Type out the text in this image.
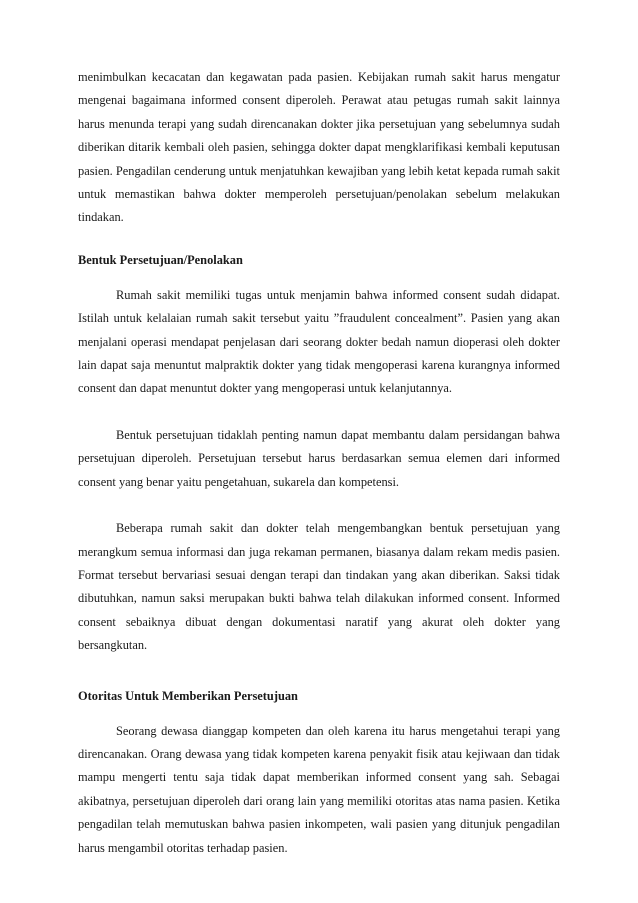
menimbulkan kecacatan dan kegawatan pada pasien. Kebijakan rumah sakit harus mengatur mengenai bagaimana informed consent diperoleh. Perawat atau petugas rumah sakit lainnya harus menunda terapi yang sudah direncanakan dokter jika persetujuan yang sebelumnya sudah diberikan ditarik kembali oleh pasien, sehingga dokter dapat mengklarifikasi kembali keputusan pasien. Pengadilan cenderung untuk menjatuhkan kewajiban yang lebih ketat kepada rumah sakit untuk memastikan bahwa dokter memperoleh persetujuan/penolakan sebelum melakukan tindakan.

Bentuk Persetujuan/Penolakan

Rumah sakit memiliki tugas untuk menjamin bahwa informed consent sudah didapat. Istilah untuk kelalaian rumah sakit tersebut yaitu ”fraudulent concealment”. Pasien yang akan menjalani operasi mendapat penjelasan dari seorang dokter bedah namun dioperasi oleh dokter lain dapat saja menuntut malpraktik dokter yang tidak mengoperasi karena kurangnya informed consent dan dapat menuntut dokter yang mengoperasi untuk kelanjutannya.

Bentuk persetujuan tidaklah penting namun dapat membantu dalam persidangan bahwa persetujuan diperoleh. Persetujuan tersebut harus berdasarkan semua elemen dari informed consent yang benar yaitu pengetahuan, sukarela dan kompetensi.

Beberapa rumah sakit dan dokter telah mengembangkan bentuk persetujuan yang merangkum semua informasi dan juga rekaman permanen, biasanya dalam rekam medis pasien. Format tersebut bervariasi sesuai dengan terapi dan tindakan yang akan diberikan. Saksi tidak dibutuhkan, namun saksi merupakan bukti bahwa telah dilakukan informed consent. Informed consent sebaiknya dibuat dengan dokumentasi naratif yang akurat oleh dokter yang bersangkutan.

Otoritas Untuk Memberikan Persetujuan

Seorang dewasa dianggap kompeten dan oleh karena itu harus mengetahui terapi yang direncanakan. Orang dewasa yang tidak kompeten karena penyakit fisik atau kejiwaan dan tidak mampu mengerti tentu saja tidak dapat memberikan informed consent yang sah. Sebagai akibatnya, persetujuan diperoleh dari orang lain yang memiliki otoritas atas nama pasien. Ketika pengadilan telah memutuskan bahwa pasien inkompeten, wali pasien yang ditunjuk pengadilan harus mengambil otoritas terhadap pasien.
